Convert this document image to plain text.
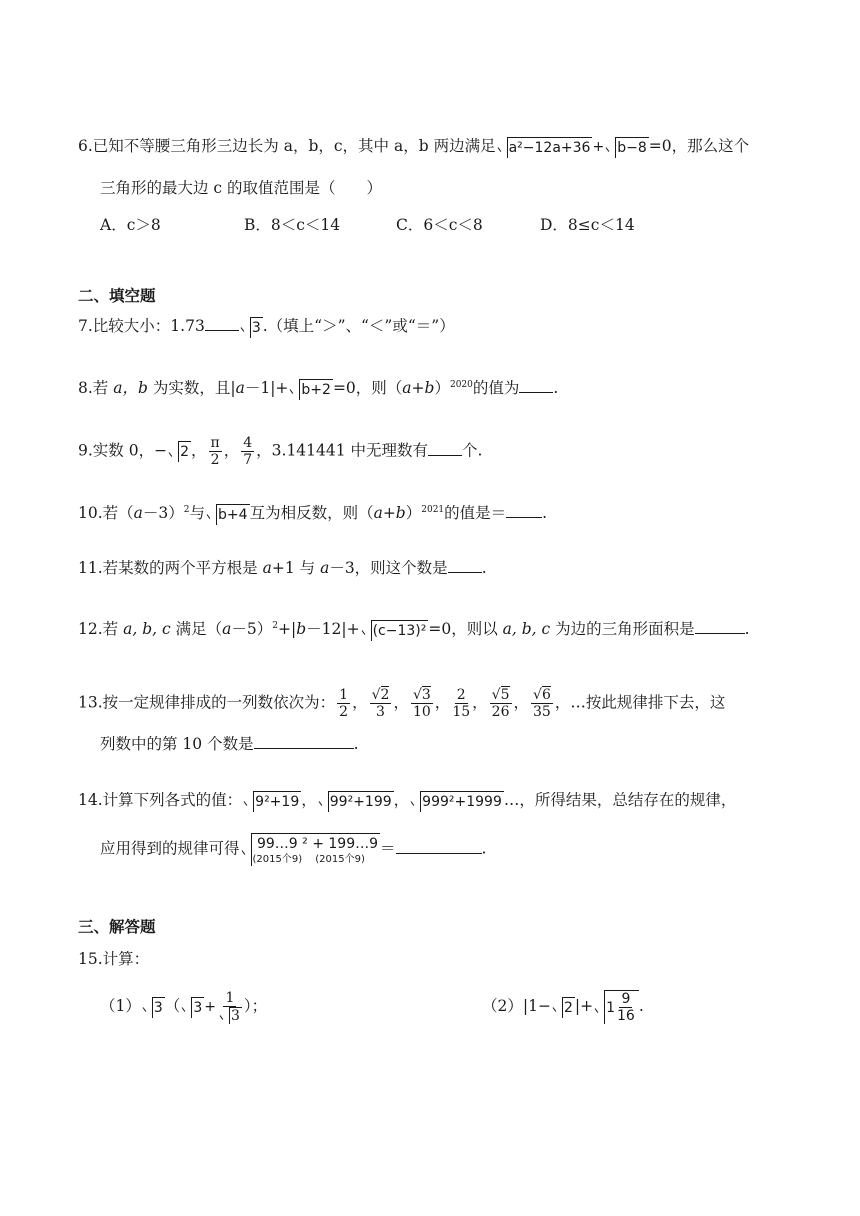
6.已知不等腰三角形三边长为 a，b，c，其中 a，b 两边满足 a²−12a+36 + b−8 =0，那么这个
三角形的最大边 c 的取值范围是（　　）
A．c＞8	B．8＜c＜14	C．6＜c＜8	D．8≤c＜14
二、填空题
7.比较大小：1.73	3 .（填上“＞”、“＜”或“＝”）
8.若 a，b 为实数，且|a－1|+ b+2 =0，则$(a+b)^{2020}$的值为 .
9.实数 0，− 2 ， $\frac{\pi}{2}$ ， $\frac{4}{7}$ ，3.141441 中无理数有 个.
10.若$(a-3)^2$与 b+4 互为相反数，则$(a+b)^{2021}$的值是＝ .
11.若某数的两个平方根是 a+1 与 a－3，则这个数是 .
12.若 a, b, c 满足$(a-5)^2+|b-12|+ (c-13)^2 =0$，则以 a, b, c 为边的三角形面积是	.
13.按一定规律排成的一列数依次为： $\frac{1}{2}$ ， $\frac{√2}{3}$ ， $\frac{√3}{10}$ ， $\frac{2}{15}$ ， $\frac{√5}{26}$ ， $\frac{√6}{35}$ ，…按此规律排下去，这
列数中的第 10 个数是	.
14.计算下列各式的值： 9²+19 ， 99²+199 ， 999²+1999 …，所得结果，总结存在的规律，
应用得到的规律可得 99…9
(2015个9)
² + 199…9
(2015个9)
＝	.
三、解答题
15.计算：
（1） 3 （ $3 + \frac{1}{3}$ ）；	（2）|1− 2 |+ $1 \frac{9}{16}$ .
